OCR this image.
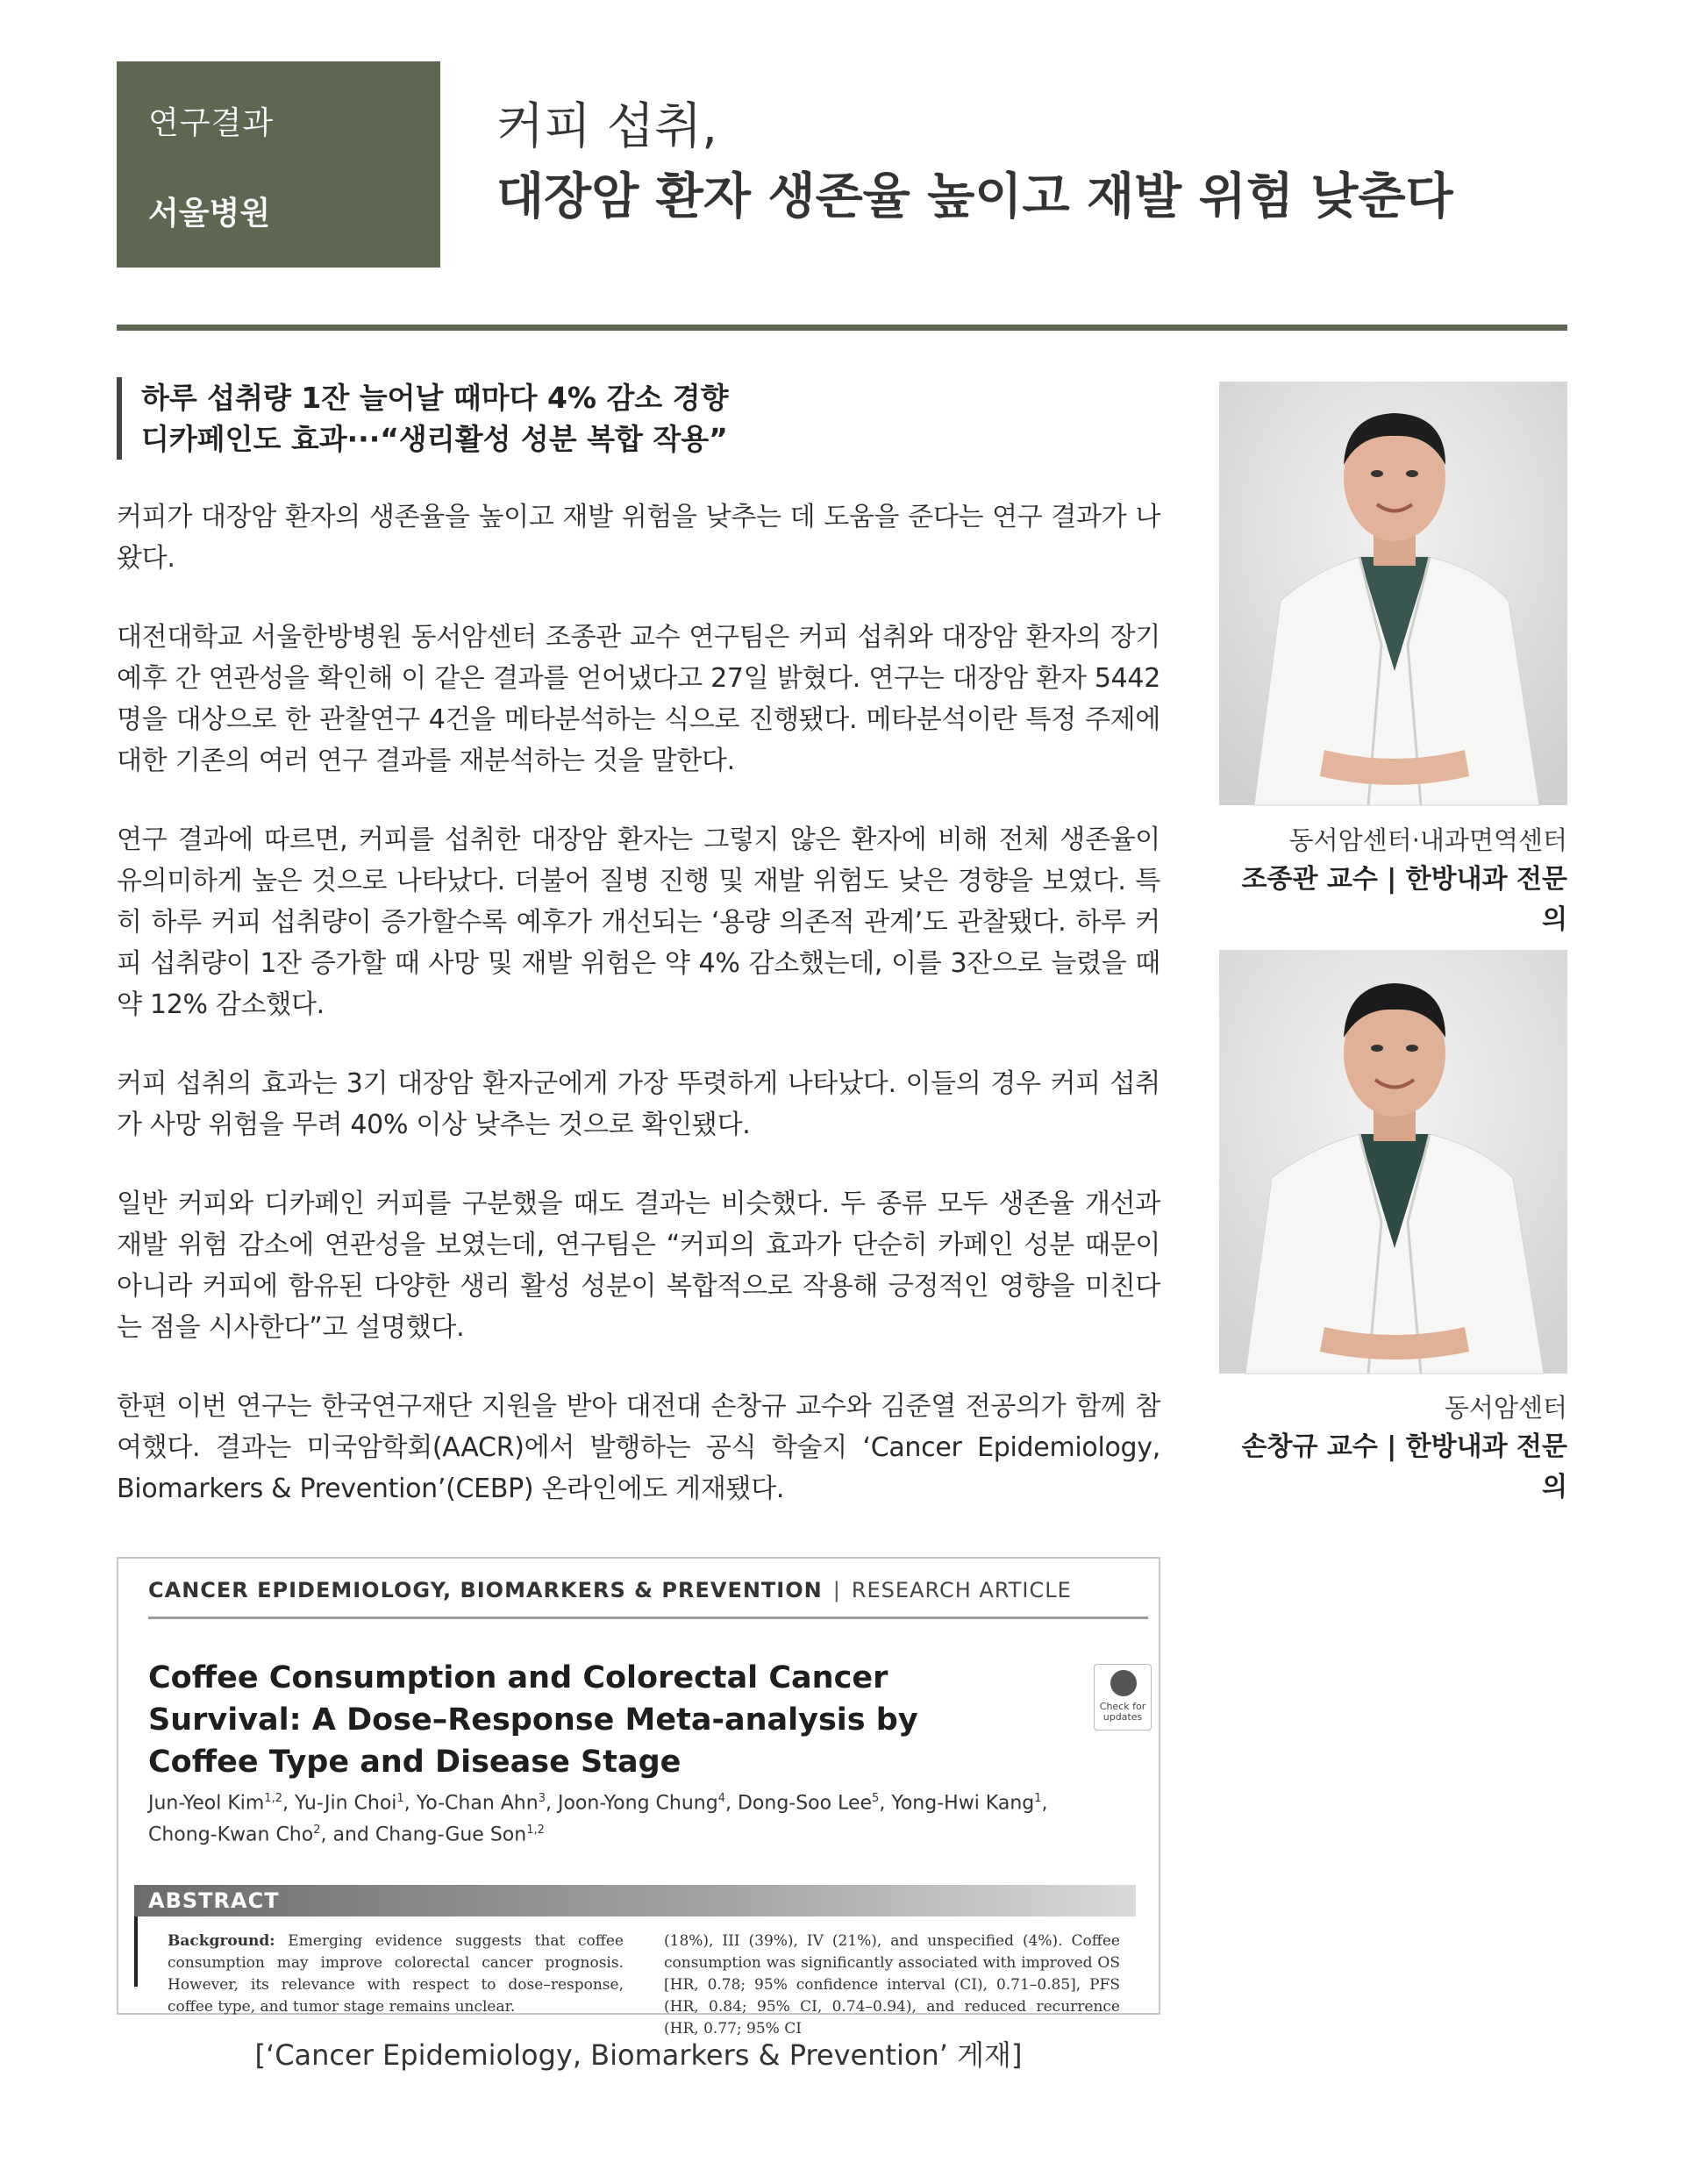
연구결과
서울병원
커피 섭취,
대장암 환자 생존율 높이고 재발 위험 낮춘다
하루 섭취량 1잔 늘어날 때마다 4% 감소 경향
디카페인도 효과···“생리활성 성분 복합 작용”

커피가 대장암 환자의 생존율을 높이고 재발 위험을 낮추는 데 도움을 준다는 연구 결과가 나왔다.

대전대학교 서울한방병원 동서암센터 조종관 교수 연구팀은 커피 섭취와 대장암 환자의 장기 예후 간 연관성을 확인해 이 같은 결과를 얻어냈다고 27일 밝혔다. 연구는 대장암 환자 5442명을 대상으로 한 관찰연구 4건을 메타분석하는 식으로 진행됐다. 메타분석이란 특정 주제에 대한 기존의 여러 연구 결과를 재분석하는 것을 말한다.

연구 결과에 따르면, 커피를 섭취한 대장암 환자는 그렇지 않은 환자에 비해 전체 생존율이 유의미하게 높은 것으로 나타났다. 더불어 질병 진행 및 재발 위험도 낮은 경향을 보였다. 특히 하루 커피 섭취량이 증가할수록 예후가 개선되는 ‘용량 의존적 관계’도 관찰됐다. 하루 커피 섭취량이 1잔 증가할 때 사망 및 재발 위험은 약 4% 감소했는데, 이를 3잔으로 늘렸을 때 약 12% 감소했다.

커피 섭취의 효과는 3기 대장암 환자군에게 가장 뚜렷하게 나타났다. 이들의 경우 커피 섭취가 사망 위험을 무려 40% 이상 낮추는 것으로 확인됐다.

일반 커피와 디카페인 커피를 구분했을 때도 결과는 비슷했다. 두 종류 모두 생존율 개선과 재발 위험 감소에 연관성을 보였는데, 연구팀은 “커피의 효과가 단순히 카페인 성분 때문이 아니라 커피에 함유된 다양한 생리 활성 성분이 복합적으로 작용해 긍정적인 영향을 미친다는 점을 시사한다”고 설명했다.

한편 이번 연구는 한국연구재단 지원을 받아 대전대 손창규 교수와 김준열 전공의가 함께 참여했다. 결과는 미국암학회(AACR)에서 발행하는 공식 학술지 ‘Cancer Epidemiology, Biomarkers & Prevention’(CEBP) 온라인에도 게재됐다.

동서암센터·내과면역센터
조종관 교수 | 한방내과 전문의
동서암센터
손창규 교수 | 한방내과 전문의
CANCER EPIDEMIOLOGY, BIOMARKERS & PREVENTION | RESEARCH ARTICLE
Coffee Consumption and Colorectal Cancer Survival: A Dose–Response Meta-analysis by Coffee Type and Disease Stage
Check for updates
Jun-Yeol Kim$^{1,2}$, Yu-Jin Choi$^1$, Yo-Chan Ahn$^3$, Joon-Yong Chung$^4$, Dong-Soo Lee$^5$, Yong-Hwi Kang$^1$,
Chong-Kwan Cho$^2$, and Chang-Gue Son$^{1,2}$
ABSTRACT
Background: Emerging evidence suggests that coffee consumption may improve colorectal cancer prognosis. However, its relevance with respect to dose–response, coffee type, and tumor stage remains unclear.
(18%), III (39%), IV (21%), and unspecified (4%). Coffee consumption was significantly associated with improved OS [HR, 0.78; 95% confidence interval (CI), 0.71–0.85], PFS (HR, 0.84; 95% CI, 0.74–0.94), and reduced recurrence (HR, 0.77; 95% CI
[‘Cancer Epidemiology, Biomarkers & Prevention’ 게재]
